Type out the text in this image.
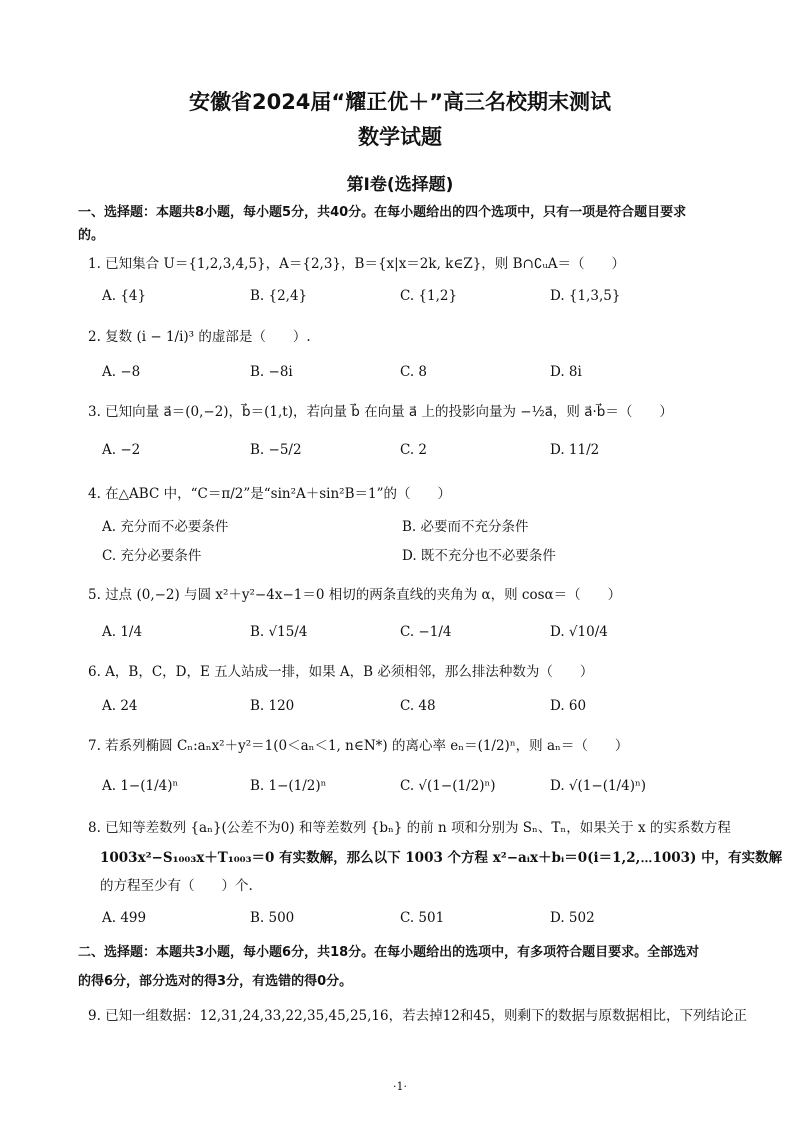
安徽省2024届“耀正优＋”高三名校期末测试
数学试题
第Ⅰ卷(选择题)
一、选择题：本题共8小题，每小题5分，共40分。在每小题给出的四个选项中，只有一项是符合题目要求
的。
1. 已知集合 U＝{1,2,3,4,5}，A＝{2,3}，B＝{x|x＝2k, k∈Z}，则 B∩∁ᵤA＝（　　）
A. {4}	B. {2,4}	C. {1,2}	D. {1,3,5}
2. 复数 (i − 1/i)³ 的虚部是（　　）.
A. −8	B. −8i	C. 8	D. 8i
3. 已知向量 a⃗＝(0,−2)，b⃗＝(1,t)，若向量 b⃗ 在向量 a⃗ 上的投影向量为 −½a⃗，则 a⃗·b⃗＝（　　）
A. −2	B. −5/2	C. 2	D. 11/2
4. 在△ABC 中，“C＝π/2”是“sin²A＋sin²B＝1”的（　　）
A. 充分而不必要条件	B. 必要而不充分条件
C. 充分必要条件	D. 既不充分也不必要条件
5. 过点 (0,−2) 与圆 x²＋y²−4x−1＝0 相切的两条直线的夹角为 α，则 cosα＝（　　）
A. 1/4	B. √15/4	C. −1/4	D. √10/4
6. A，B，C，D，E 五人站成一排，如果 A，B 必须相邻，那么排法种数为（　　）
A. 24	B. 120	C. 48	D. 60
7. 若系列椭圆 Cₙ:aₙx²＋y²＝1(0＜aₙ＜1, n∈N*) 的离心率 eₙ＝(1/2)ⁿ，则 aₙ＝（　　）
A. 1−(1/4)ⁿ	B. 1−(1/2)ⁿ	C. √(1−(1/2)ⁿ)	D. √(1−(1/4)ⁿ)
8. 已知等差数列 {aₙ}(公差不为0) 和等差数列 {bₙ} 的前 n 项和分别为 Sₙ、Tₙ，如果关于 x 的实系数方程
1003x²−S₁₀₀₃x＋T₁₀₀₃＝0 有实数解，那么以下 1003 个方程 x²−aᵢx＋bᵢ＝0(i＝1,2,⋯1003) 中，有实数解
的方程至少有（　　）个.
A. 499	B. 500	C. 501	D. 502
二、选择题：本题共3小题，每小题6分，共18分。在每小题给出的选项中，有多项符合题目要求。全部选对
的得6分，部分选对的得3分，有选错的得0分。
9. 已知一组数据：12,31,24,33,22,35,45,25,16，若去掉12和45，则剩下的数据与原数据相比，下列结论正
·1·
